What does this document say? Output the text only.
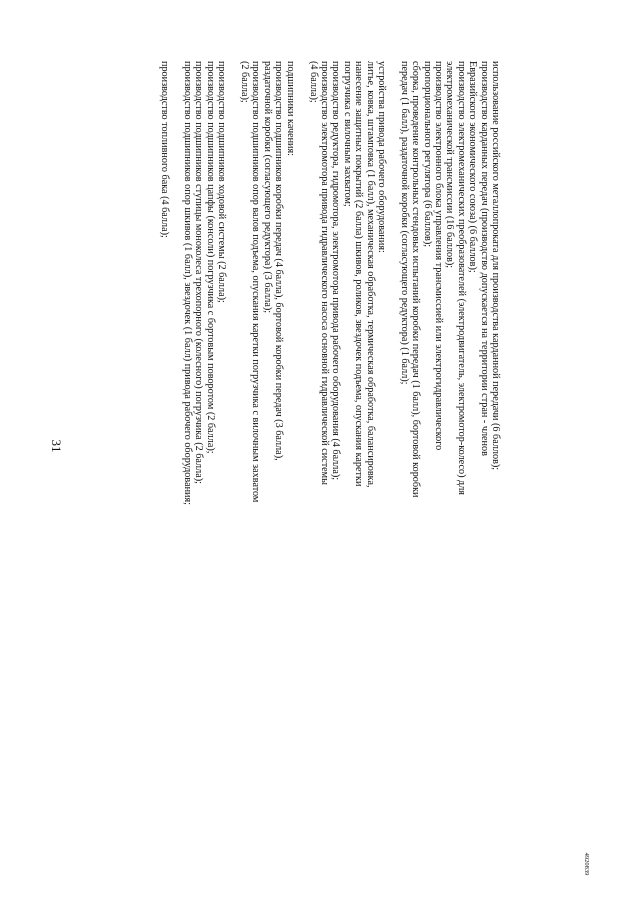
31	использование российского металлопроката для производства карданной передачи (6 баллов);
производство карданных передач (производство допускается на территории стран - членов
Евразийского экономического союза) (6 баллов);
производство электромеханических преобразователей (электродвигатель, электромотор-колесо) для
электромеханической трансмиссии (16 баллов);
производство электронного блока управления трансмиссией или электрогидравлического
пропорционального регулятора (6 баллов);
сборка, проведение контрольных стендовых испытаний коробки передач (1 балл), бортовой коробки
передач (1 балл), раздаточной коробки (согласующего редуктора) (1 балл);
устройства привода рабочего оборудования:
литье, ковка, штамповка (1 балл), механическая обработка, термическая обработка, балансировка,
нанесение защитных покрытий (2 балла) шкивов, роликов, звездочек подъема, опускания каретки
погрузчика с вилочным захватом;
производство редуктора, гидромотора, электромотора привода рабочего оборудования (4 балла);
производство электромотора привода гидравлического насоса основной гидравлической системы
(4 балла);
подшипники качения:
производство подшипников коробки передач (4 балла), бортовой коробки передач (3 балла),
раздаточной коробки (согласующего редуктора) (3 балла);
производство подшипников опор валов подъема, опускания каретки погрузчика с вилочным захватом
(2 балла);
производство подшипников ходовой системы (2 балла);
производство подшипников цапфы (консоли) погрузчика с бортовым поворотом (2 балла);
производство подшипников ступицы моноколеса трехопорного (колесного) погрузчика (2 балла);
производство подшипников опор шкивов (1 балл), звездочек (1 балл) привода рабочего оборудования;
производство топливного бака (4 балла);
4920839
